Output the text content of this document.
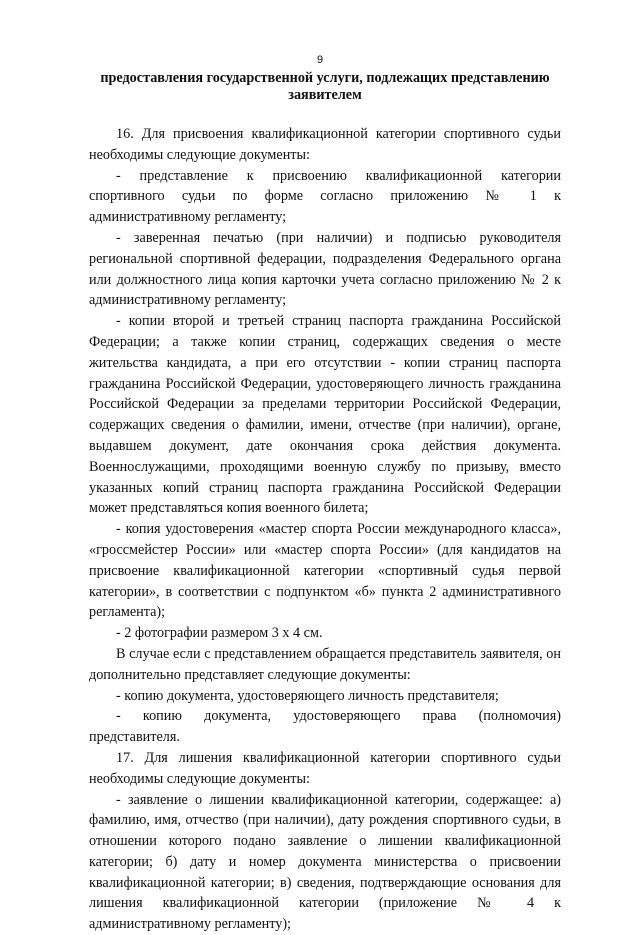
9
предоставления государственной услуги, подлежащих представлению заявителем

16. Для присвоения квалификационной категории спортивного судьи необходимы следующие документы:

- представление к присвоению квалификационной категории спортивного судьи по форме согласно приложению № 1 к административному регламенту;

- заверенная печатью (при наличии) и подписью руководителя региональной спортивной федерации, подразделения Федерального органа или должностного лица копия карточки учета согласно приложению № 2 к административному регламенту;

- копии второй и третьей страниц паспорта гражданина Российской Федерации; а также копии страниц, содержащих сведения о месте жительства кандидата, а при его отсутствии - копии страниц паспорта гражданина Российской Федерации, удостоверяющего личность гражданина Российской Федерации за пределами территории Российской Федерации, содержащих сведения о фамилии, имени, отчестве (при наличии), органе, выдавшем документ, дате окончания срока действия документа. Военнослужащими, проходящими военную службу по призыву, вместо указанных копий страниц паспорта гражданина Российской Федерации может представляться копия военного билета;

- копия удостоверения «мастер спорта России международного класса», «гроссмейстер России» или «мастер спорта России» (для кандидатов на присвоение квалификационной категории «спортивный судья первой категории», в соответствии с подпунктом «б» пункта 2 административного регламента);

- 2 фотографии размером 3 х 4 см.

В случае если с представлением обращается представитель заявителя, он дополнительно представляет следующие документы:

- копию документа, удостоверяющего личность представителя;

- копию документа, удостоверяющего права (полномочия) представителя.

17. Для лишения квалификационной категории спортивного судьи необходимы следующие документы:

- заявление о лишении квалификационной категории, содержащее: а) фамилию, имя, отчество (при наличии), дату рождения спортивного судьи, в отношении которого подано заявление о лишении квалификационной категории; б) дату и номер документа министерства о присвоении квалификационной категории; в) сведения, подтверждающие основания для лишения квалификационной категории (приложение № 4 к административному регламенту);
